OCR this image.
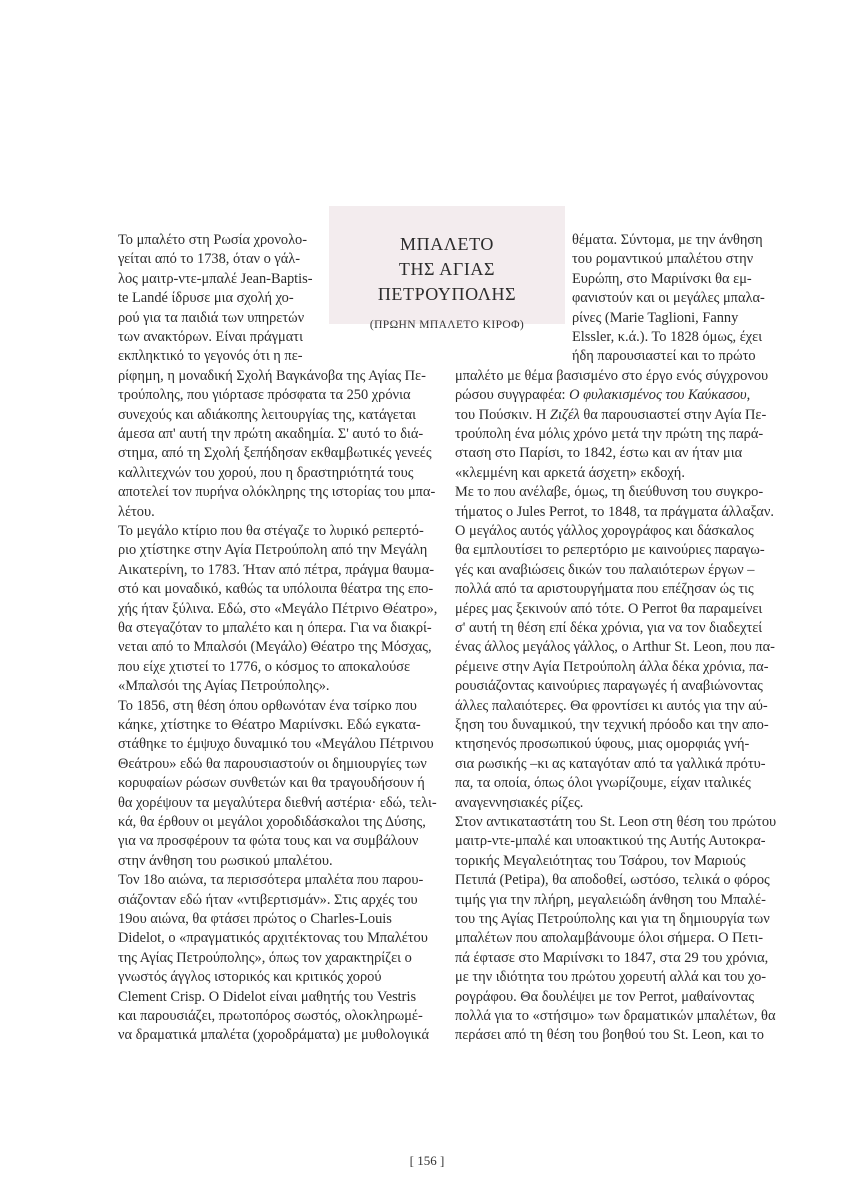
ΜΠΑΛΕΤΟ
ΤΗΣ ΑΓΙΑΣ ΠΕΤΡΟΥΠΟΛΗΣ
(ΠΡΩΗΝ ΜΠΑΛΕΤΟ ΚΙΡΟΦ)
Το μπαλέτο στη Ρωσία χρονολο-
γείται από το 1738, όταν ο γάλ-
λος μαιτρ-ντε-μπαλέ Jean-Baptis-
te Landé ίδρυσε μια σχολή χο-
ρού για τα παιδιά των υπηρετών
των ανακτόρων. Είναι πράγματι
εκπληκτικό το γεγονός ότι η πε-
θέματα. Σύντομα, με την άνθηση
του ρομαντικού μπαλέτου στην
Ευρώπη, στο Μαριίνσκι θα εμ-
φανιστούν και οι μεγάλες μπαλα-
ρίνες (Marie Taglioni, Fanny
Elssler, κ.ά.). Το 1828 όμως, έχει
ήδη παρουσιαστεί και το πρώτο
μπαλέτο με θέμα βασισμένο στο έργο ενός σύγχρονου
ρώσου συγγραφέα: Ο φυλακισμένος του Καύκασου,
του Πούσκιν. Η Ζιζέλ θα παρουσιαστεί στην Αγία Πε-
τρούπολη ένα μόλις χρόνο μετά την πρώτη της παρά-
σταση στο Παρίσι, το 1842, έστω και αν ήταν μια
«κλεμμένη και αρκετά άσχετη» εκδοχή.
Με το που ανέλαβε, όμως, τη διεύθυνση του συγκρο-
τήματος ο Jules Perrot, το 1848, τα πράγματα άλλαξαν.
Ο μεγάλος αυτός γάλλος χορογράφος και δάσκαλος
θα εμπλουτίσει το ρεπερτόριο με καινούριες παραγω-
γές και αναβιώσεις δικών του παλαιότερων έργων –
πολλά από τα αριστουργήματα που επέζησαν ώς τις
μέρες μας ξεκινούν από τότε. Ο Perrot θα παραμείνει
σ' αυτή τη θέση επί δέκα χρόνια, για να τον διαδεχτεί
ένας άλλος μεγάλος γάλλος, ο Arthur St. Leon, που πα-
ρέμεινε στην Αγία Πετρούπολη άλλα δέκα χρόνια, πα-
ρουσιάζοντας καινούριες παραγωγές ή αναβιώνοντας
άλλες παλαιότερες. Θα φροντίσει κι αυτός για την αύ-
ξηση του δυναμικού, την τεχνική πρόοδο και την απο-
κτησηενός προσωπικού ύφους, μιας ομορφιάς γνή-
σια ρωσικής –κι ας καταγόταν από τα γαλλικά πρότυ-
πα, τα οποία, όπως όλοι γνωρίζουμε, είχαν ιταλικές
αναγεννησιακές ρίζες.
Στον αντικαταστάτη του St. Leon στη θέση του πρώτου
μαιτρ-ντε-μπαλέ και υποακτικού της Αυτής Αυτοκρα-
τορικής Μεγαλειότητας του Τσάρου, τον Μαριούς
Πετιπά (Petipa), θα αποδοθεί, ωστόσο, τελικά ο φόρος
τιμής για την πλήρη, μεγαλειώδη άνθηση του Μπαλέ-
του της Αγίας Πετρούπολης και για τη δημιουργία των
μπαλέτων που απολαμβάνουμε όλοι σήμερα. Ο Πετι-
πά έφτασε στο Μαριίνσκι το 1847, στα 29 του χρόνια,
με την ιδιότητα του πρώτου χορευτή αλλά και του χο-
ρογράφου. Θα δουλέψει με τον Perrot, μαθαίνοντας
πολλά για το «στήσιμο» των δραματικών μπαλέτων, θα
περάσει από τη θέση του βοηθού του St. Leon, και το
[ 156 ]
ρίφημη, η μοναδική Σχολή Βαγκάνοβα της Αγίας Πε-
τρούπολης, που γιόρτασε πρόσφατα τα 250 χρόνια
συνεχούς και αδιάκοπης λειτουργίας της, κατάγεται
άμεσα απ' αυτή την πρώτη ακαδημία. Σ' αυτό το διά-
στημα, από τη Σχολή ξεπήδησαν εκθαμβωτικές γενεές
καλλιτεχνών του χορού, που η δραστηριότητά τους
αποτελεί τον πυρήνα ολόκληρης της ιστορίας του μπα-
λέτου.
Το μεγάλο κτίριο που θα στέγαζε το λυρικό ρεπερτό-
ριο χτίστηκε στην Αγία Πετρούπολη από την Μεγάλη
Αικατερίνη, το 1783. Ήταν από πέτρα, πράγμα θαυμα-
στό και μοναδικό, καθώς τα υπόλοιπα θέατρα της επο-
χής ήταν ξύλινα. Εδώ, στο «Μεγάλο Πέτρινο Θέατρο»,
θα στεγαζόταν το μπαλέτο και η όπερα. Για να διακρί-
νεται από το Μπαλσόι (Μεγάλο) Θέατρο της Μόσχας,
που είχε χτιστεί το 1776, ο κόσμος το αποκαλούσε
«Μπαλσόι της Αγίας Πετρούπολης».
Το 1856, στη θέση όπου ορθωνόταν ένα τσίρκο που
κάηκε, χτίστηκε το Θέατρο Μαριίνσκι. Εδώ εγκατα-
στάθηκε το έμψυχο δυναμικό του «Μεγάλου Πέτρινου
Θεάτρου» εδώ θα παρουσιαστούν οι δημιουργίες των
κορυφαίων ρώσων συνθετών και θα τραγουδήσουν ή
θα χορέψουν τα μεγαλύτερα διεθνή αστέρια· εδώ, τελι-
κά, θα έρθουν οι μεγάλοι χοροδιδάσκαλοι της Δύσης,
για να προσφέρουν τα φώτα τους και να συμβάλουν
στην άνθηση του ρωσικού μπαλέτου.
Τον 18ο αιώνα, τα περισσότερα μπαλέτα που παρου-
σιάζονταν εδώ ήταν «ντιβερτισμάν». Στις αρχές του
19ου αιώνα, θα φτάσει πρώτος ο Charles-Louis
Didelot, ο «πραγματικός αρχιτέκτονας του Μπαλέτου
της Αγίας Πετρούπολης», όπως τον χαρακτηρίζει ο
γνωστός άγγλος ιστορικός και κριτικός χορού
Clement Crisp. Ο Didelot είναι μαθητής του Vestris
και παρουσιάζει, πρωτοπόρος σωστός, ολοκληρωμέ-
να δραματικά μπαλέτα (χοροδράματα) με μυθολογικά
